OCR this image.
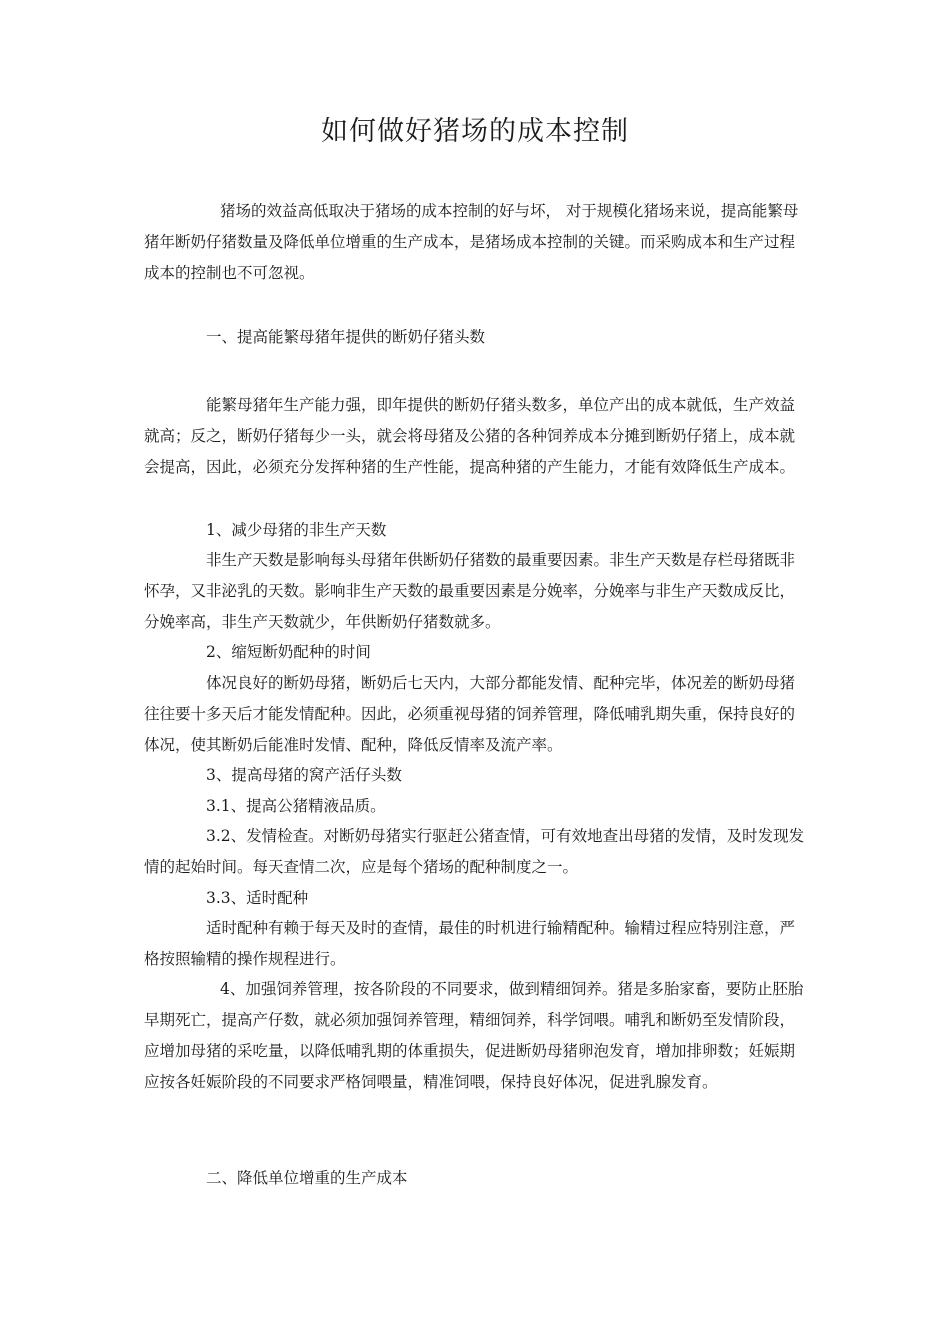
如何做好猪场的成本控制

猪场的效益高低取决于猪场的成本控制的好与坏， 对于规模化猪场来说，提高能繁母猪年断奶仔猪数量及降低单位增重的生产成本，是猪场成本控制的关键。而采购成本和生产过程成本的控制也不可忽视。

一、提高能繁母猪年提供的断奶仔猪头数

能繁母猪年生产能力强，即年提供的断奶仔猪头数多，单位产出的成本就低，生产效益就高；反之，断奶仔猪每少一头，就会将母猪及公猪的各种饲养成本分摊到断奶仔猪上，成本就会提高，因此，必须充分发挥种猪的生产性能，提高种猪的产生能力，才能有效降低生产成本。

1、减少母猪的非生产天数

非生产天数是影响每头母猪年供断奶仔猪数的最重要因素。非生产天数是存栏母猪既非怀孕，又非泌乳的天数。影响非生产天数的最重要因素是分娩率，分娩率与非生产天数成反比，分娩率高，非生产天数就少，年供断奶仔猪数就多。

2、缩短断奶配种的时间

体况良好的断奶母猪，断奶后七天内，大部分都能发情、配种完毕，体况差的断奶母猪往往要十多天后才能发情配种。因此，必须重视母猪的饲养管理，降低哺乳期失重，保持良好的体况，使其断奶后能准时发情、配种，降低反情率及流产率。

3、提高母猪的窝产活仔头数

3.1、提高公猪精液品质。

3.2、发情检查。对断奶母猪实行驱赶公猪查情，可有效地查出母猪的发情，及时发现发情的起始时间。每天查情二次，应是每个猪场的配种制度之一。

3.3、适时配种

适时配种有赖于每天及时的查情，最佳的时机进行输精配种。输精过程应特别注意，严格按照输精的操作规程进行。

4、加强饲养管理，按各阶段的不同要求，做到精细饲养。猪是多胎家畜，要防止胚胎早期死亡，提高产仔数，就必须加强饲养管理，精细饲养，科学饲喂。哺乳和断奶至发情阶段，应增加母猪的采吃量，以降低哺乳期的体重损失，促进断奶母猪卵泡发育，增加排卵数；妊娠期应按各妊娠阶段的不同要求严格饲喂量，精准饲喂，保持良好体况，促进乳腺发育。

二、降低单位增重的生产成本
